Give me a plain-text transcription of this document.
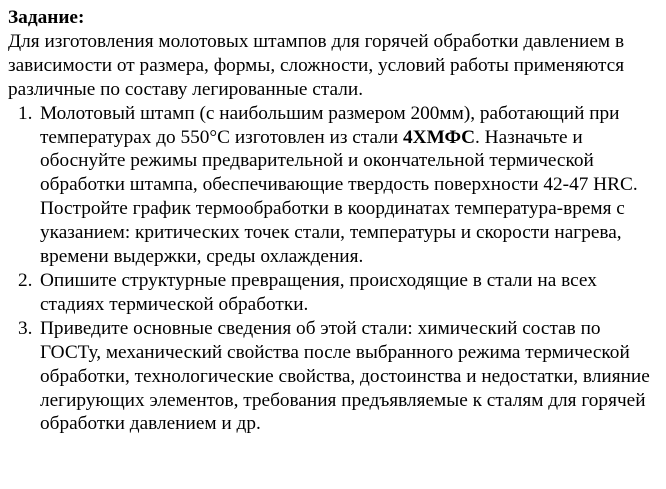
Задание:

Для изготовления молотовых штампов для горячей обработки давлением в зависимости от размера, формы, сложности, условий работы применяются различные по составу легированные стали.

1. Молотовый штамп (с наибольшим размером 200мм), работающий при температурах до 550°С изготовлен из стали 4ХМФС. Назначьте и обоснуйте режимы предварительной и окончательной термической обработки штампа, обеспечивающие твердость поверхности 42-47 HRC. Постройте график термообработки в координатах температура-время с указанием: критических точек стали, температуры и скорости нагрева, времени выдержки, среды охлаждения.
2. Опишите структурные превращения, происходящие в стали на всех стадиях термической обработки.
3. Приведите основные сведения об этой стали: химический состав по ГОСТу, механический свойства после выбранного режима термической обработки, технологические свойства, достоинства и недостатки, влияние легирующих элементов, требования предъявляемые к сталям для горячей обработки давлением и др.
